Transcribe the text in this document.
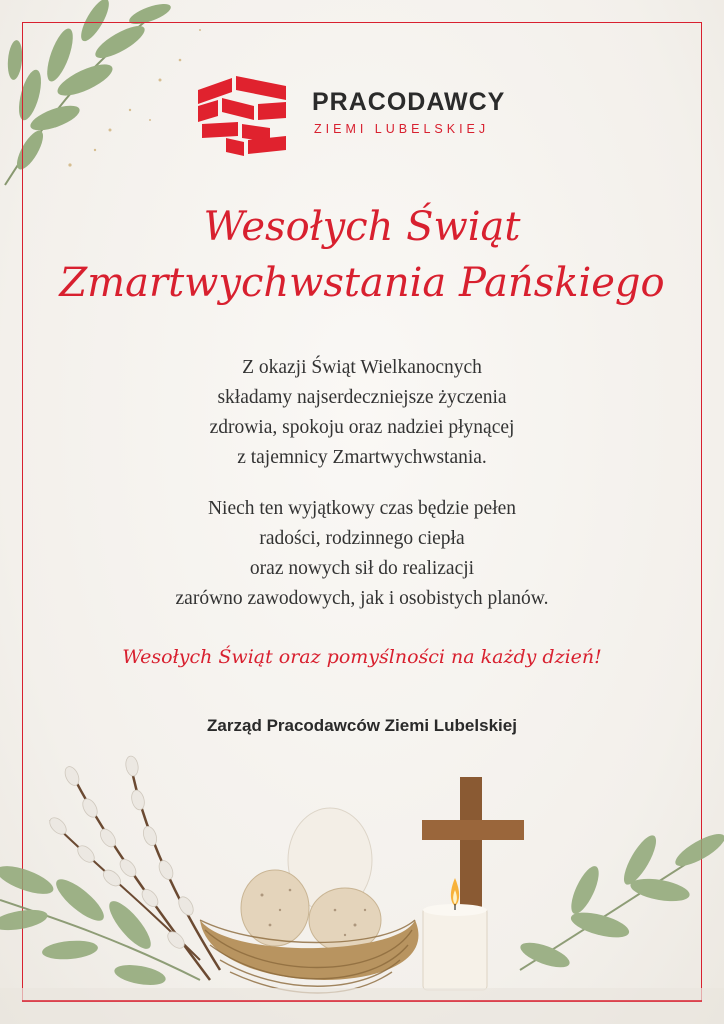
PRACODAWCY
ZIEMI LUBELSKIEJ
Wesołych Świąt
Zmartwychwstania Pańskiego
Z okazji Świąt Wielkanocnych
składamy najserdeczniejsze życzenia
zdrowia, spokoju oraz nadziei płynącej
z tajemnicy Zmartwychwstania.
Niech ten wyjątkowy czas będzie pełen
radości, rodzinnego ciepła
oraz nowych sił do realizacji
zarówno zawodowych, jak i osobistych planów.
Wesołych Świąt oraz pomyślności na każdy dzień!
Zarząd Pracodawców Ziemi Lubelskiej
